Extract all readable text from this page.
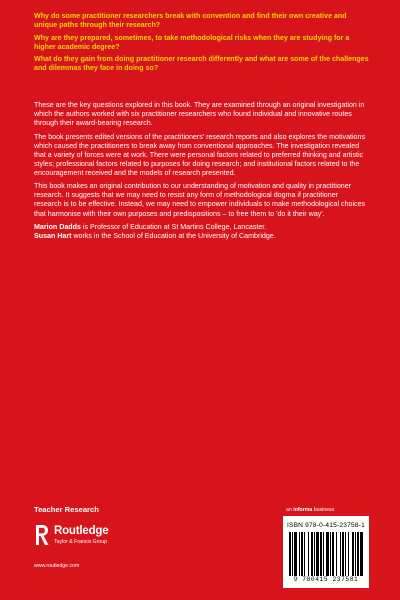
Why do some practitioner researchers break with convention and find their own creative and unique paths through their research?

Why are they prepared, sometimes, to take methodological risks when they are studying for a higher academic degree?

What do they gain from doing practitioner research differently and what are some of the challenges and dilemmas they face in doing so?

These are the key questions explored in this book. They are examined through an original investigation in which the authors worked with six practitioner researchers who found individual and innovative routes through their award-bearing research.

The book presents edited versions of the practitioners' research reports and also explores the motivations which caused the practitioners to break away from conventional approaches. The investigation revealed that a variety of forces were at work. There were personal factors related to preferred thinking and artistic styles; professional factors related to purposes for doing research; and institutional factors related to the encouragement received and the models of research presented.

This book makes an original contribution to our understanding of motivation and quality in practitioner research. It suggests that we may need to resist any form of methodological dogma if practitioner research is to be effective. Instead, we may need to empower individuals to make methodological choices that harmonise with their own purposes and predispositions – to free them to 'do it their way'.

Marion Dadds is Professor of Education at St Martins College, Lancaster.
Susan Hart works in the School of Education at the University of Cambridge.
Teacher Research
Routledge
Taylor & Francis Group
www.routledge.com
an informa business
ISBN 978-0-415-23758-1
9 780415 237581
